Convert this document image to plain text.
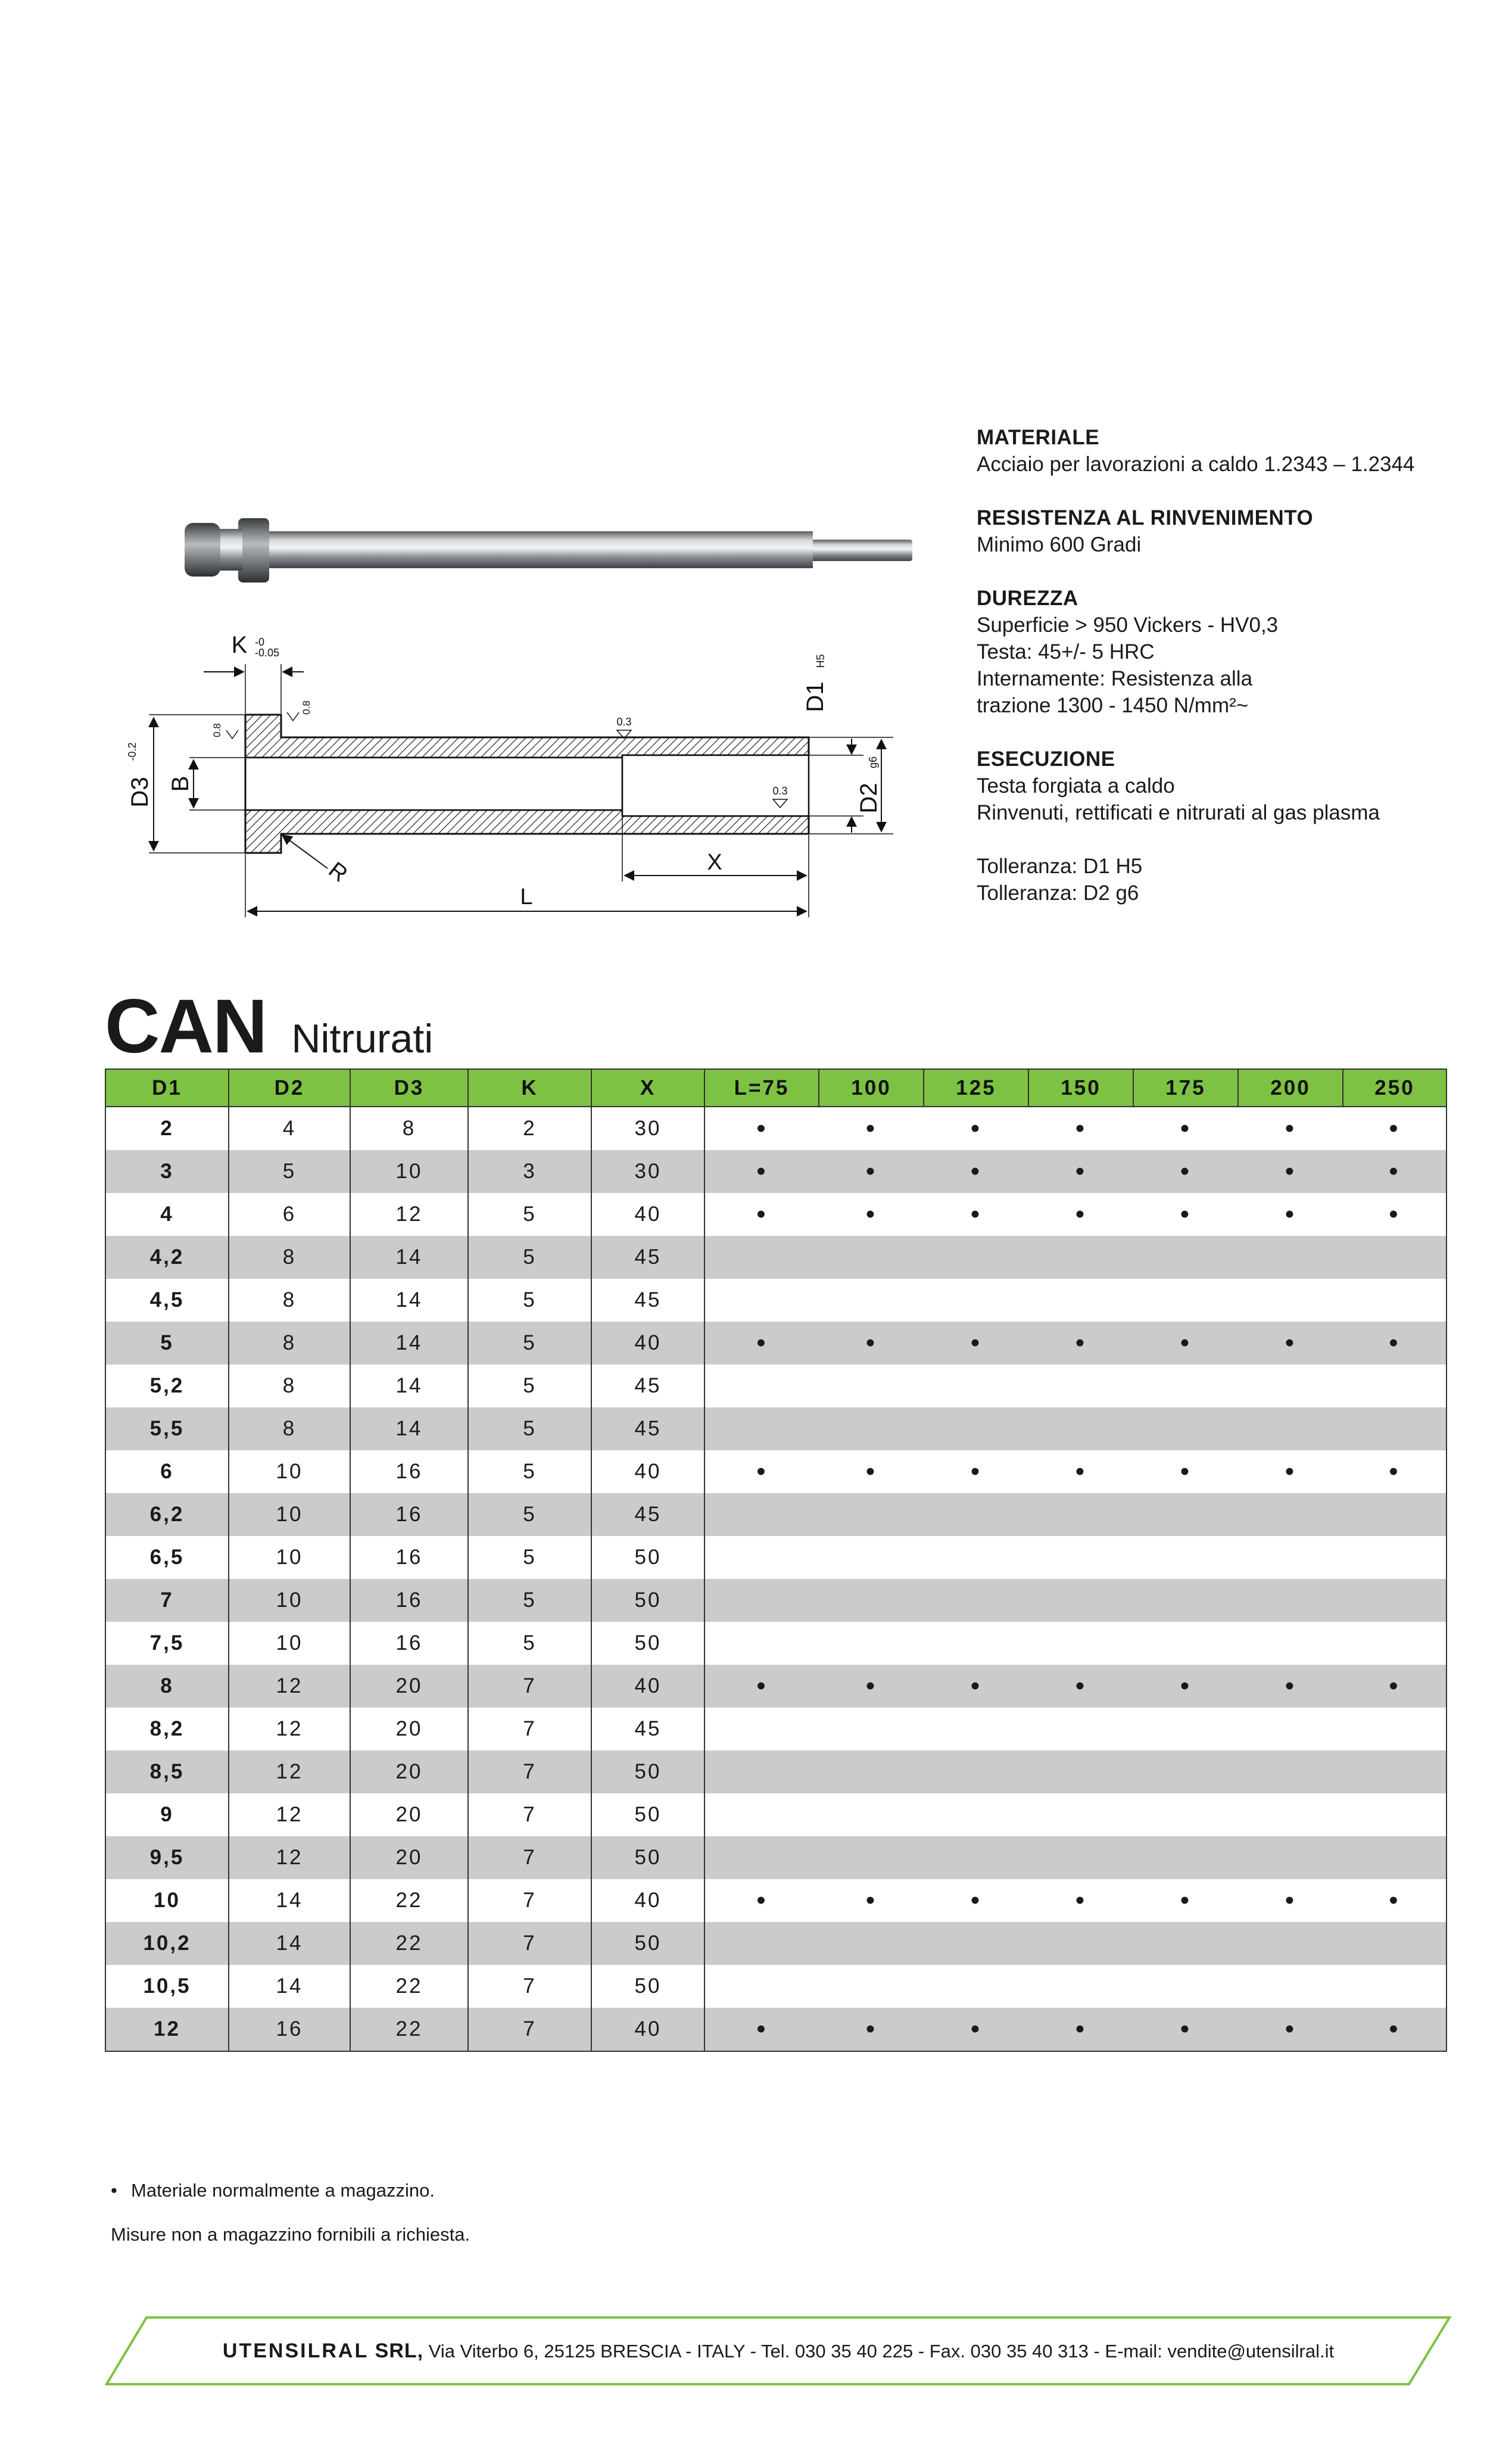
D3
-0.2
B
K -0
-0.05
0.8
0.8
0.3
0.3
D1
H5
D2
g6
R	X
L
MATERIALE
Acciaio per lavorazioni a caldo 1.2343 – 1.2344
RESISTENZA AL RINVENIMENTO
Minimo 600 Gradi
DUREZZA
Superficie > 950 Vickers - HV0,3
Testa: 45+/- 5 HRC
Internamente: Resistenza alla
trazione 1300 - 1450 N/mm²~
ESECUZIONE
Testa forgiata a caldo
Rinvenuti, rettificati e nitrurati al gas plasma
Tolleranza: D1 H5
Tolleranza: D2 g6
CAN Nitrurati
D1	D2	D3	K	X	L=75	100	125	150	175	200	250
2	4	8	2	30	•	•	•	•	•	•	•
3	5	10	3	30	•	•	•	•	•	•	•
4	6	12	5	40	•	•	•	•	•	•	•
4,2	8	14	5	45							
4,5	8	14	5	45							
5	8	14	5	40	•	•	•	•	•	•	•
5,2	8	14	5	45							
5,5	8	14	5	45							
6	10	16	5	40	•	•	•	•	•	•	•
6,2	10	16	5	45							
6,5	10	16	5	50							
7	10	16	5	50							
7,5	10	16	5	50							
8	12	20	7	40	•	•	•	•	•	•	•
8,2	12	20	7	45							
8,5	12	20	7	50							
9	12	20	7	50							
9,5	12	20	7	50							
10	14	22	7	40	•	•	•	•	•	•	•
10,2	14	22	7	50							
10,5	14	22	7	50							
12	16	22	7	40	•	•	•	•	•	•	•
• Materiale normalmente a magazzino.
Misure non a magazzino fornibili a richiesta.
UTENSILRAL SRL, Via Viterbo 6, 25125 BRESCIA - ITALY - Tel. 030 35 40 225 - Fax. 030 35 40 313 - E-mail: vendite@utensilral.it
